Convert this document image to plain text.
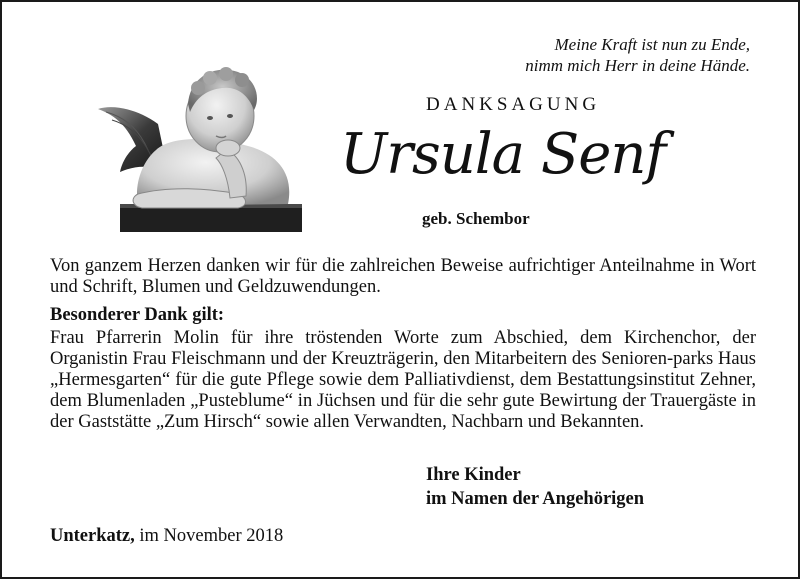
Meine Kraft ist nun zu Ende,
nimm mich Herr in deine Hände.
DANKSAGUNG
Ursula Senf
geb. Schembor
Von ganzem Herzen danken wir für die zahlreichen Beweise aufrichtiger Anteilnahme in Wort und Schrift, Blumen und Geldzuwendungen.
Besonderer Dank gilt:
Frau Pfarrerin Molin für ihre tröstenden Worte zum Abschied, dem Kirchenchor, der Organistin Frau Fleischmann und der Kreuzträgerin, den Mitarbeitern des Senioren-parks Haus „Hermesgarten“ für die gute Pflege sowie dem Palliativdienst, dem Bestattungsinstitut Zehner, dem Blumenladen „Pusteblume“ in Jüchsen und für die sehr gute Bewirtung der Trauergäste in der Gaststätte „Zum Hirsch“ sowie allen Verwandten, Nachbarn und Bekannten.
Ihre Kinder
im Namen der Angehörigen
Unterkatz, im November 2018
